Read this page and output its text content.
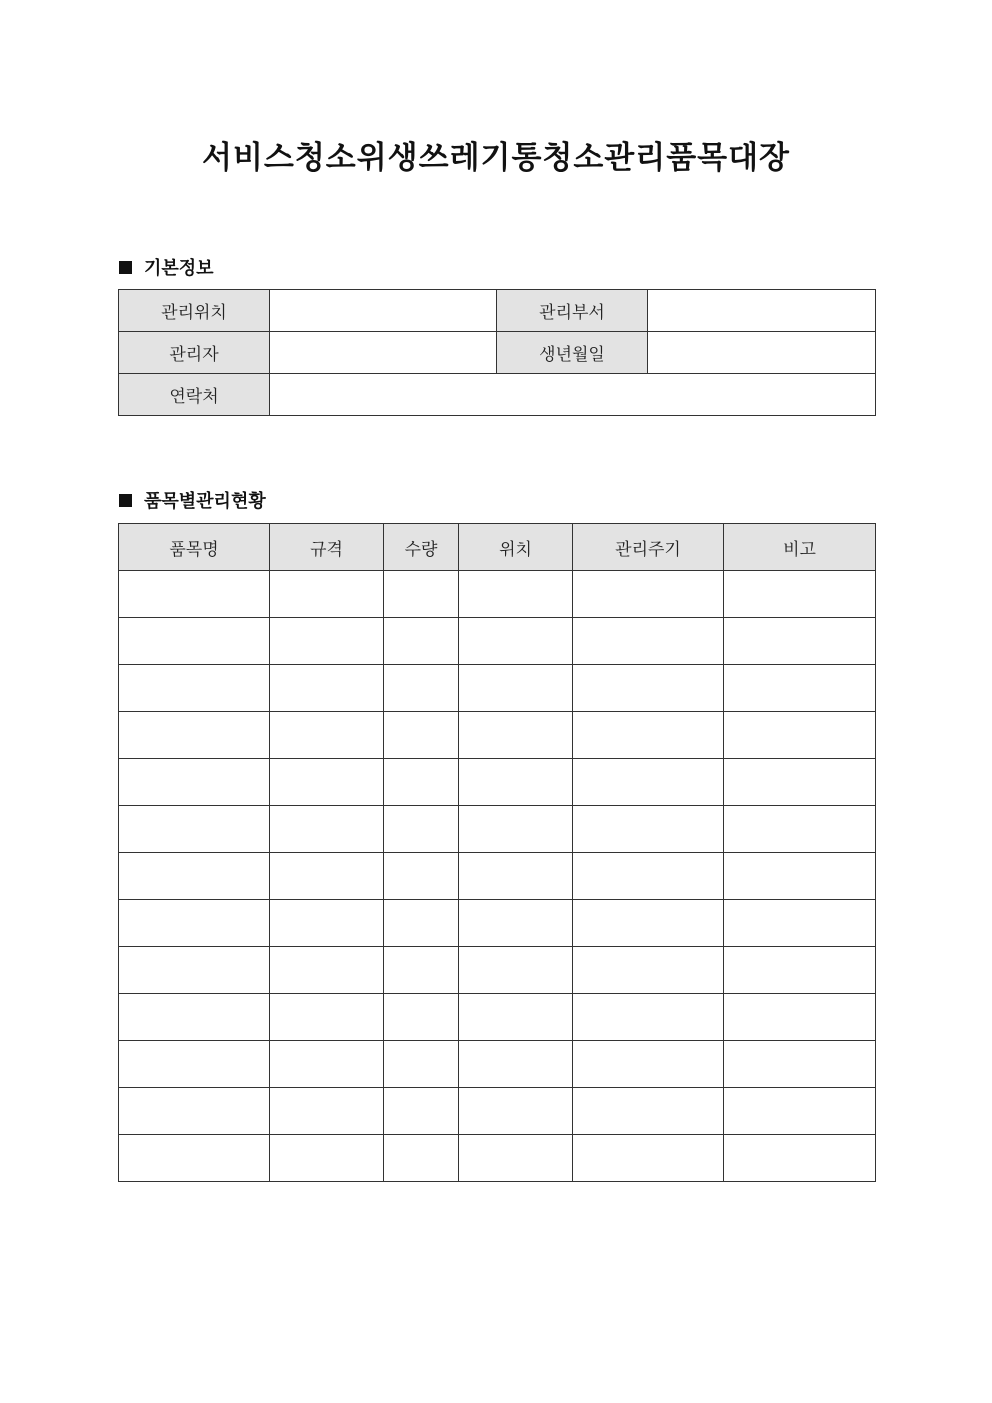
서비스청소위생쓰레기통청소관리품목대장
기본정보
관리위치		관리부서	
관리자		생년월일	
연락처			
품목별관리현황
품목명	규격	수량	위치	관리주기	비고
